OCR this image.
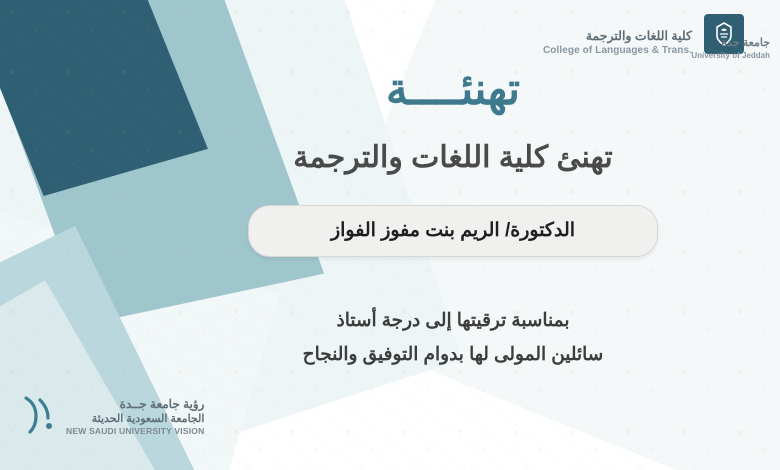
كلية اللغات والترجمة
College of Languages & Trans.
جامعة جدة
University of Jeddah
تهنئــــة
تهنئ كلية اللغات والترجمة
الدكتورة/ الريم بنت مفوز الفواز
بمناسبة ترقيتها إلى درجة أستاذ
سائلين المولى لها بدوام التوفيق والنجاح
رؤية جامعة جــدة
الجامعة السعودية الحديثة
NEW SAUDI UNIVERSITY VISION
